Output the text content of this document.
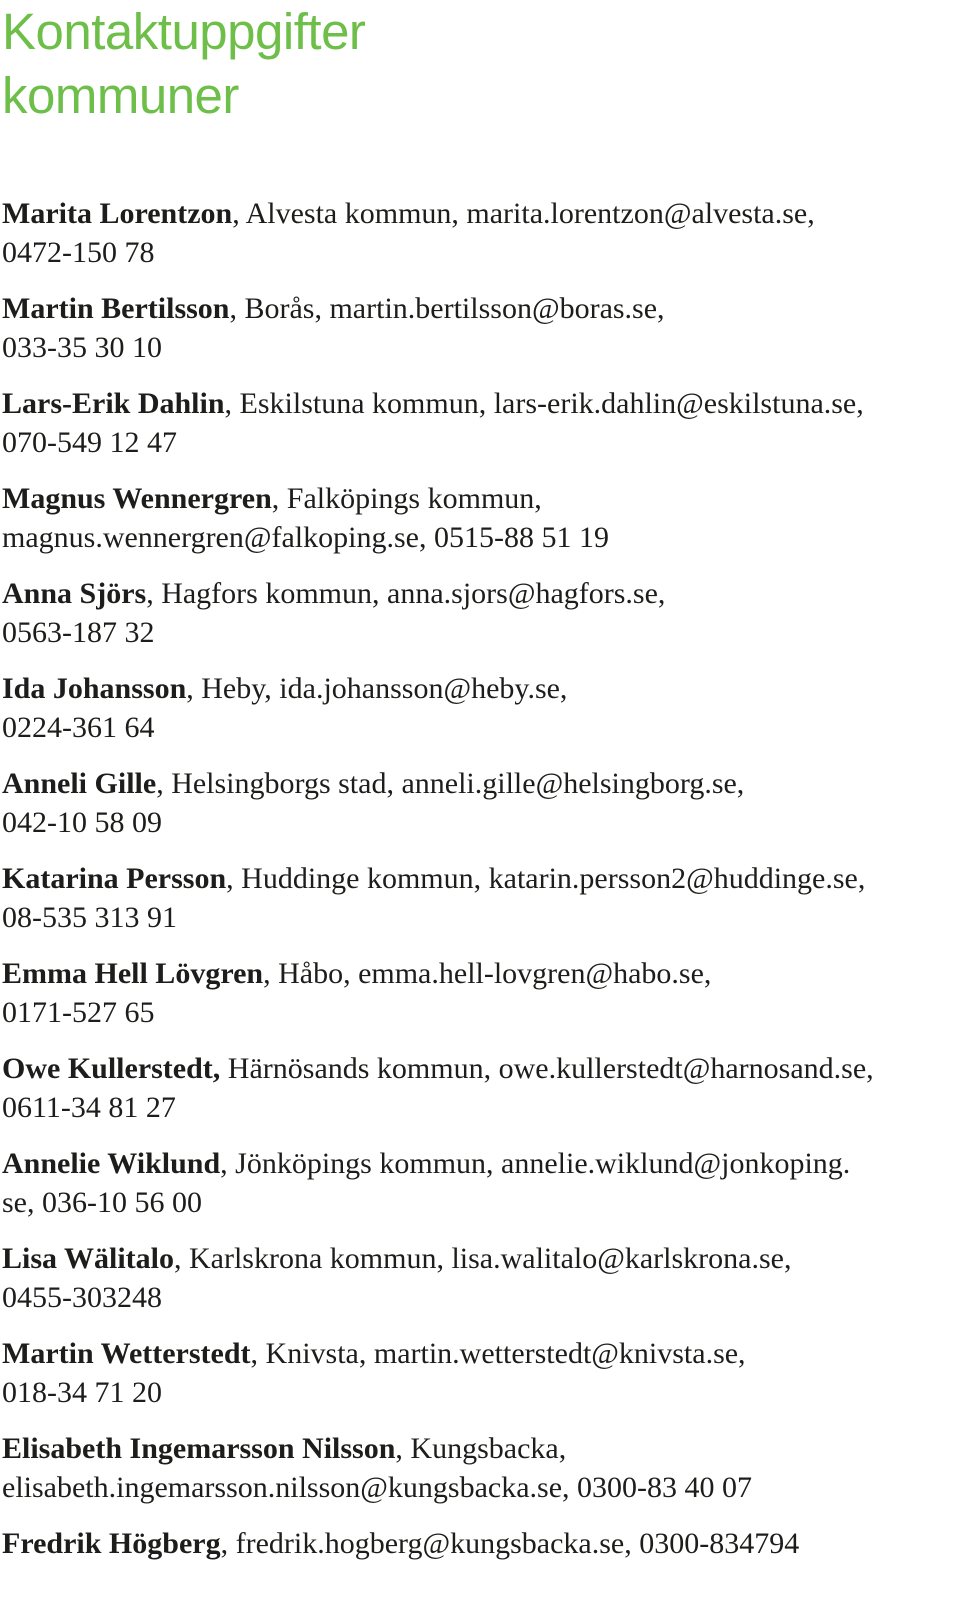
Kontaktuppgifter
kommuner
Marita Lorentzon, Alvesta kommun, marita.lorentzon@alvesta.se,
0472-150 78
Martin Bertilsson, Borås, martin.bertilsson@boras.se,
033-35 30 10
Lars-Erik Dahlin, Eskilstuna kommun, lars-erik.dahlin@eskilstuna.se,
070-549 12 47
Magnus Wennergren, Falköpings kommun,
magnus.wennergren@falkoping.se, 0515-88 51 19
Anna Sjörs, Hagfors kommun, anna.sjors@hagfors.se,
0563-187 32
Ida Johansson, Heby, ida.johansson@heby.se,
0224-361 64
Anneli Gille, Helsingborgs stad, anneli.gille@helsingborg.se,
042-10 58 09
Katarina Persson, Huddinge kommun, katarin.persson2@huddinge.se,
08-535 313 91
Emma Hell Lövgren, Håbo, emma.hell-lovgren@habo.se,
0171-527 65
Owe Kullerstedt, Härnösands kommun, owe.kullerstedt@harnosand.se,
0611-34 81 27
Annelie Wiklund, Jönköpings kommun, annelie.wiklund@jonkoping.
se, 036-10 56 00
Lisa Wälitalo, Karlskrona kommun, lisa.walitalo@karlskrona.se,
0455-303248
Martin Wetterstedt, Knivsta, martin.wetterstedt@knivsta.se,
018-34 71 20
Elisabeth Ingemarsson Nilsson, Kungsbacka,
elisabeth.ingemarsson.nilsson@kungsbacka.se, 0300-83 40 07
Fredrik Högberg, fredrik.hogberg@kungsbacka.se, 0300-834794
